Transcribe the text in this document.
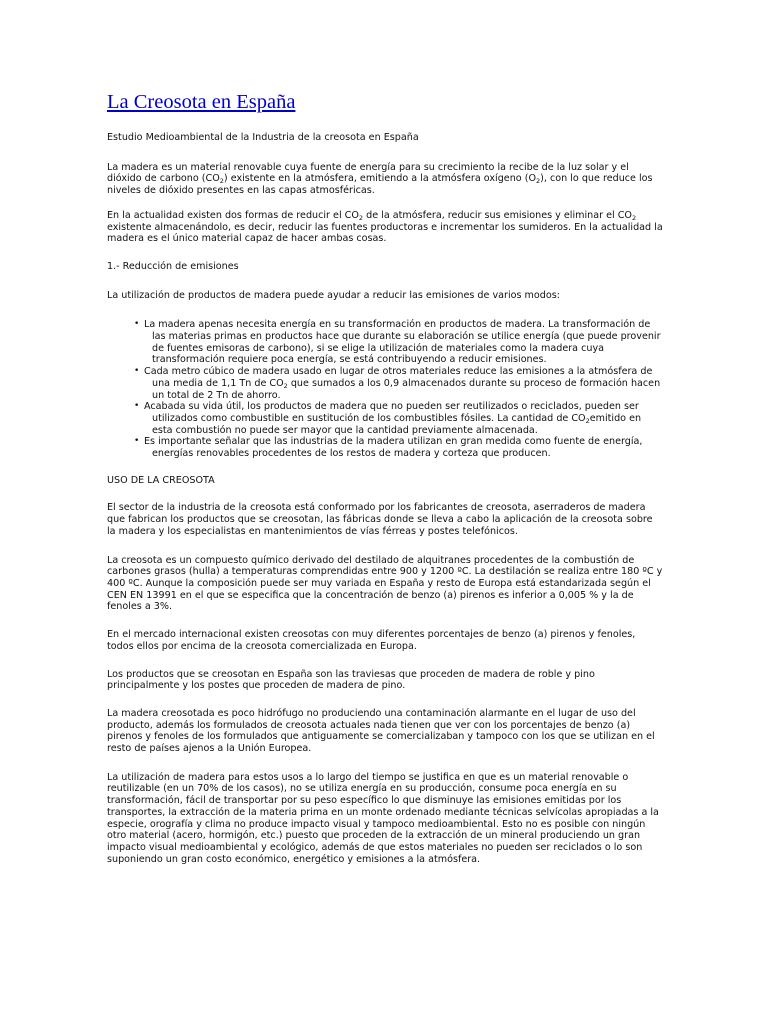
La Creosota en España

Estudio Medioambiental de la Industria de la creosota en España

La madera es un material renovable cuya fuente de energía para su crecimiento la recibe de la luz solar y el dióxido de carbono $(CO_2)$ existente en la atmósfera, emitiendo a la atmósfera oxígeno $(O_2)$, con lo que reduce los niveles de dióxido presentes en las capas atmosféricas.

En la actualidad existen dos formas de reducir el $CO_2$ de la atmósfera, reducir sus emisiones y eliminar el $CO_2$ existente almacenándolo, es decir, reducir las fuentes productoras e incrementar los sumideros. En la actualidad la madera es el único material capaz de hacer ambas cosas.

1.- Reducción de emisiones

La utilización de productos de madera puede ayudar a reducir las emisiones de varios modos:

• La madera apenas necesita energía en su transformación en productos de madera. La transformación de las materias primas en productos hace que durante su elaboración se utilice energía (que puede provenir de fuentes emisoras de carbono), si se elige la utilización de materiales como la madera cuya transformación requiere poca energía, se está contribuyendo a reducir emisiones.
• Cada metro cúbico de madera usado en lugar de otros materiales reduce las emisiones a la atmósfera de una media de 1,1 Tn de $CO_2$ que sumados a los 0,9 almacenados durante su proceso de formación hacen un total de 2 Tn de ahorro.
• Acabada su vida útil, los productos de madera que no pueden ser reutilizados o reciclados, pueden ser utilizados como combustible en sustitución de los combustibles fósiles. La cantidad de $CO_2emitido$ en esta combustión no puede ser mayor que la cantidad previamente almacenada.
• Es importante señalar que las industrias de la madera utilizan en gran medida como fuente de energía, energías renovables procedentes de los restos de madera y corteza que producen.

USO DE LA CREOSOTA

El sector de la industria de la creosota está conformado por los fabricantes de creosota, aserraderos de madera que fabrican los productos que se creosotan, las fábricas donde se lleva a cabo la aplicación de la creosota sobre la madera y los especialistas en mantenimientos de vías férreas y postes telefónicos.

La creosota es un compuesto químico derivado del destilado de alquitranes procedentes de la combustión de carbones grasos (hulla) a temperaturas comprendidas entre 900 y 1200 ºC. La destilación se realiza entre 180 ºC y 400 ºC. Aunque la composición puede ser muy variada en España y resto de Europa está estandarizada según el CEN EN 13991 en el que se especifica que la concentración de benzo (a) pirenos es inferior a 0,005 % y la de fenoles a 3%.

En el mercado internacional existen creosotas con muy diferentes porcentajes de benzo (a) pirenos y fenoles, todos ellos por encima de la creosota comercializada en Europa.

Los productos que se creosotan en España son las traviesas que proceden de madera de roble y pino principalmente y los postes que proceden de madera de pino.

La madera creosotada es poco hidrófugo no produciendo una contaminación alarmante en el lugar de uso del producto, además los formulados de creosota actuales nada tienen que ver con los porcentajes de benzo (a) pirenos y fenoles de los formulados que antiguamente se comercializaban y tampoco con los que se utilizan en el resto de países ajenos a la Unión Europea.

La utilización de madera para estos usos a lo largo del tiempo se justifica en que es un material renovable o reutilizable (en un 70% de los casos), no se utiliza energía en su producción, consume poca energía en su transformación, fácil de transportar por su peso específico lo que disminuye las emisiones emitidas por los transportes, la extracción de la materia prima en un monte ordenado mediante técnicas selvícolas apropiadas a la especie, orografía y clima no produce impacto visual y tampoco medioambiental. Esto no es posible con ningún otro material (acero, hormigón, etc.) puesto que proceden de la extracción de un mineral produciendo un gran impacto visual medioambiental y ecológico, además de que estos materiales no pueden ser reciclados o lo son suponiendo un gran costo económico, energético y emisiones a la atmósfera.
